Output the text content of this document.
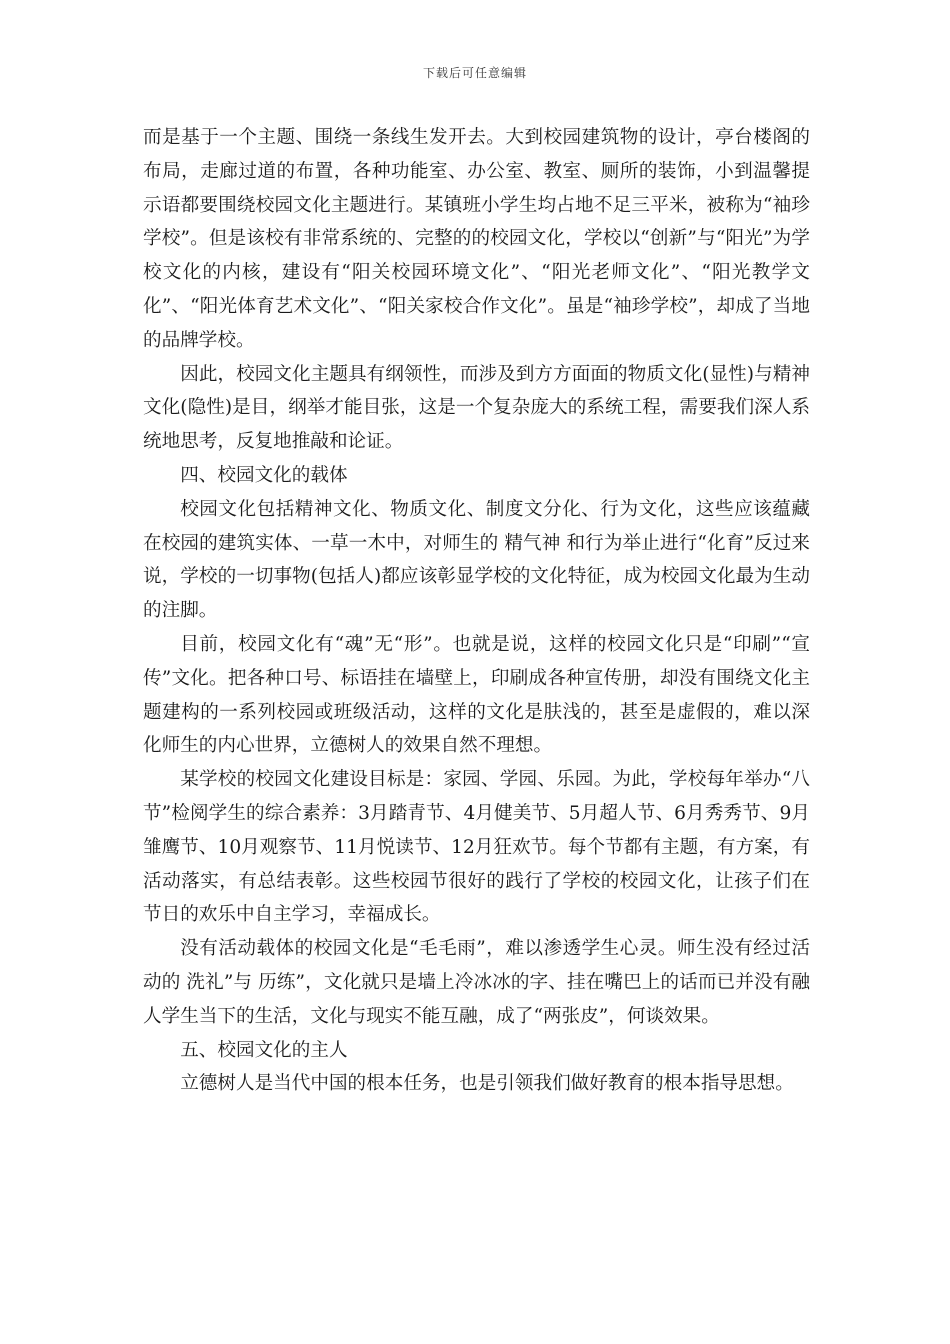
下载后可任意编辑

而是基于一个主题、围绕一条线生发开去。大到校园建筑物的设计，亭台楼阁的布局，走廊过道的布置，各种功能室、办公室、教室、厕所的装饰，小到温馨提示语都要围绕校园文化主题进行。某镇班小学生均占地不足三平米，被称为“袖珍学校”。但是该校有非常系统的、完整的的校园文化，学校以“创新”与“阳光”为学校文化的内核，建设有“阳关校园环境文化”、“阳光老师文化”、“阳光教学文化”、“阳光体育艺术文化”、“阳关家校合作文化”。虽是“袖珍学校”，却成了当地的品牌学校。

因此，校园文化主题具有纲领性，而涉及到方方面面的物质文化(显性)与精神文化(隐性)是目，纲举才能目张，这是一个复杂庞大的系统工程，需要我们深人系统地思考，反复地推敲和论证。

四、校园文化的载体

校园文化包括精神文化、物质文化、制度文分化、行为文化，这些应该蕴藏在校园的建筑实体、一草一木中，对师生的 精气神 和行为举止进行“化育”反过来说，学校的一切事物(包括人)都应该彰显学校的文化特征，成为校园文化最为生动的注脚。

目前，校园文化有“魂”无“形”。也就是说，这样的校园文化只是“印刷”“宣传”文化。把各种口号、标语挂在墙壁上，印刷成各种宣传册，却没有围绕文化主题建构的一系列校园或班级活动，这样的文化是肤浅的，甚至是虚假的，难以深化师生的内心世界，立德树人的效果自然不理想。

某学校的校园文化建设目标是：家园、学园、乐园。为此，学校每年举办“八节”检阅学生的综合素养：3月踏青节、4月健美节、5月超人节、6月秀秀节、9月雏鹰节、10月观察节、11月悦读节、12月狂欢节。每个节都有主题，有方案，有活动落实，有总结表彰。这些校园节很好的践行了学校的校园文化，让孩子们在节日的欢乐中自主学习，幸福成长。

没有活动载体的校园文化是“毛毛雨”，难以渗透学生心灵。师生没有经过活动的 洗礼”与 历练”，文化就只是墙上冷冰冰的字、挂在嘴巴上的话而已并没有融人学生当下的生活，文化与现实不能互融，成了“两张皮”，何谈效果。

五、校园文化的主人

立德树人是当代中国的根本任务，也是引领我们做好教育的根本指导思想。
